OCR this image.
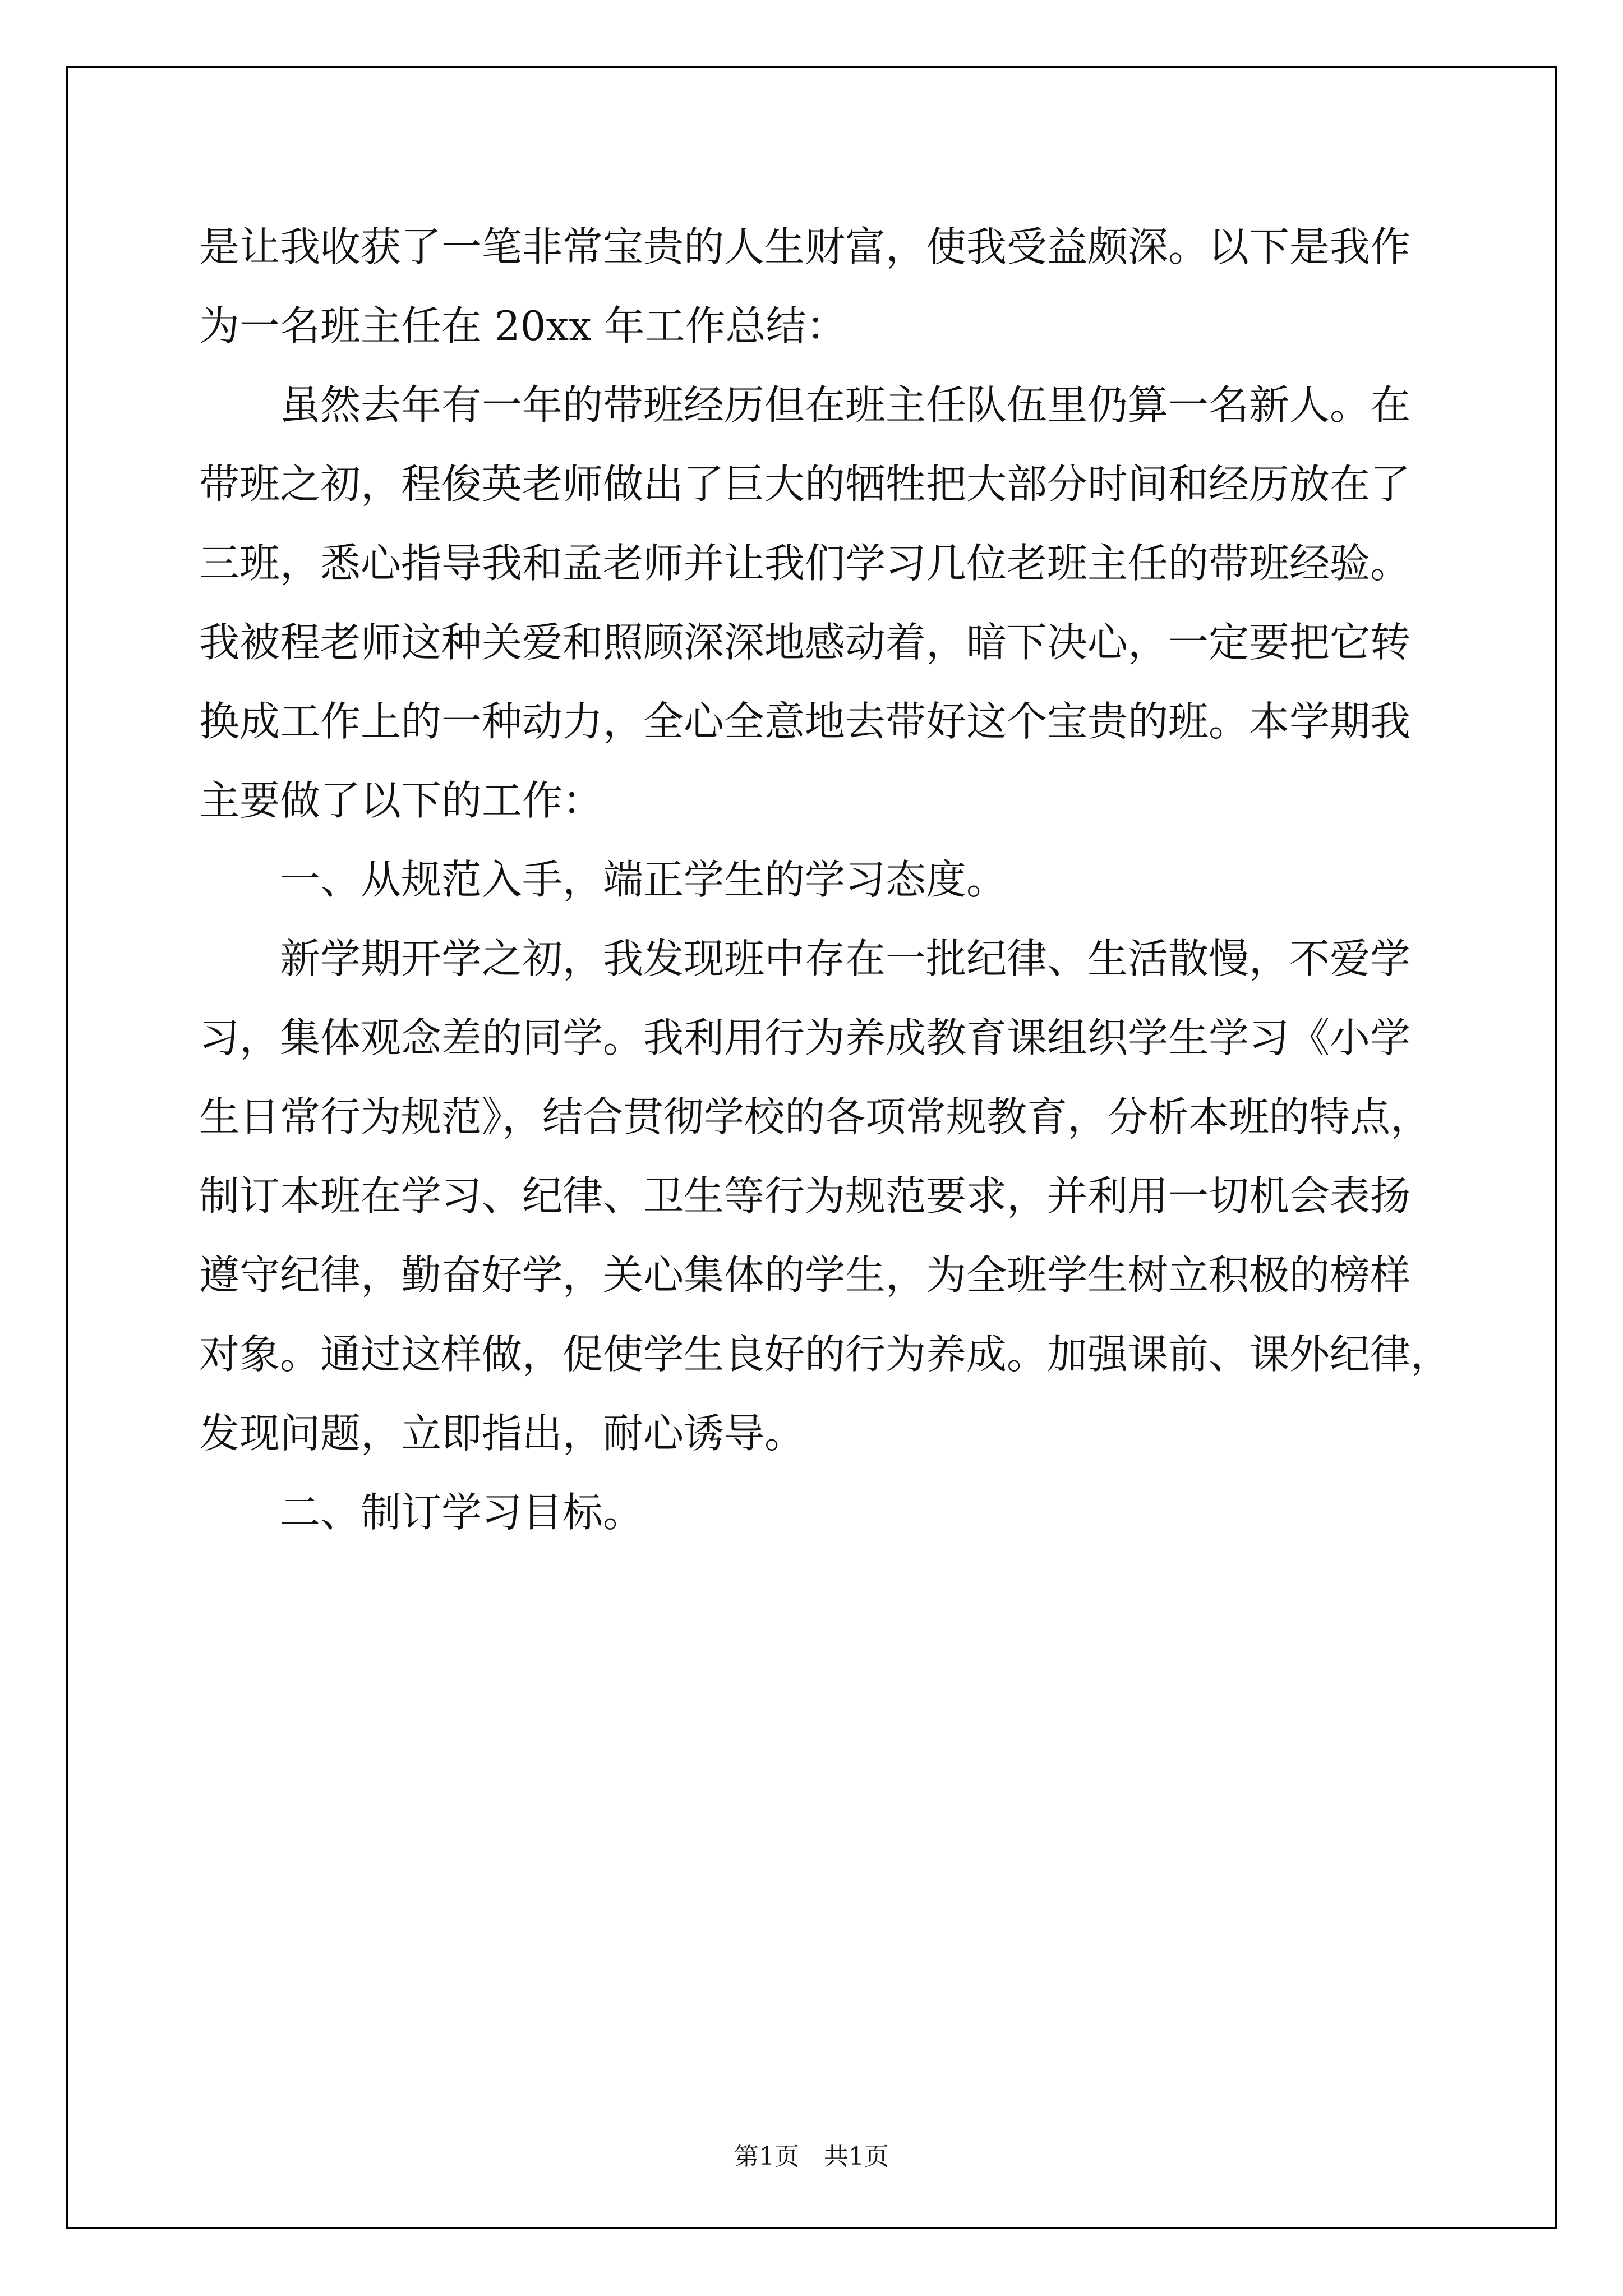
是让我收获了一笔非常宝贵的人生财富，使我受益颇深。以下是我作
为一名班主任在 20xx 年工作总结：
虽然去年有一年的带班经历但在班主任队伍里仍算一名新人。在
带班之初，程俊英老师做出了巨大的牺牲把大部分时间和经历放在了
三班，悉心指导我和孟老师并让我们学习几位老班主任的带班经验。
我被程老师这种关爱和照顾深深地感动着，暗下决心，一定要把它转
换成工作上的一种动力，全心全意地去带好这个宝贵的班。本学期我
主要做了以下的工作：
一、从规范入手，端正学生的学习态度。
新学期开学之初，我发现班中存在一批纪律、生活散慢，不爱学
习，集体观念差的同学。我利用行为养成教育课组织学生学习《小学
生日常行为规范》，结合贯彻学校的各项常规教育，分析本班的特点，
制订本班在学习、纪律、卫生等行为规范要求，并利用一切机会表扬
遵守纪律，勤奋好学，关心集体的学生，为全班学生树立积极的榜样
对象。通过这样做，促使学生良好的行为养成。加强课前、课外纪律，
发现问题，立即指出，耐心诱导。
二、制订学习目标。
第1页　共1页
